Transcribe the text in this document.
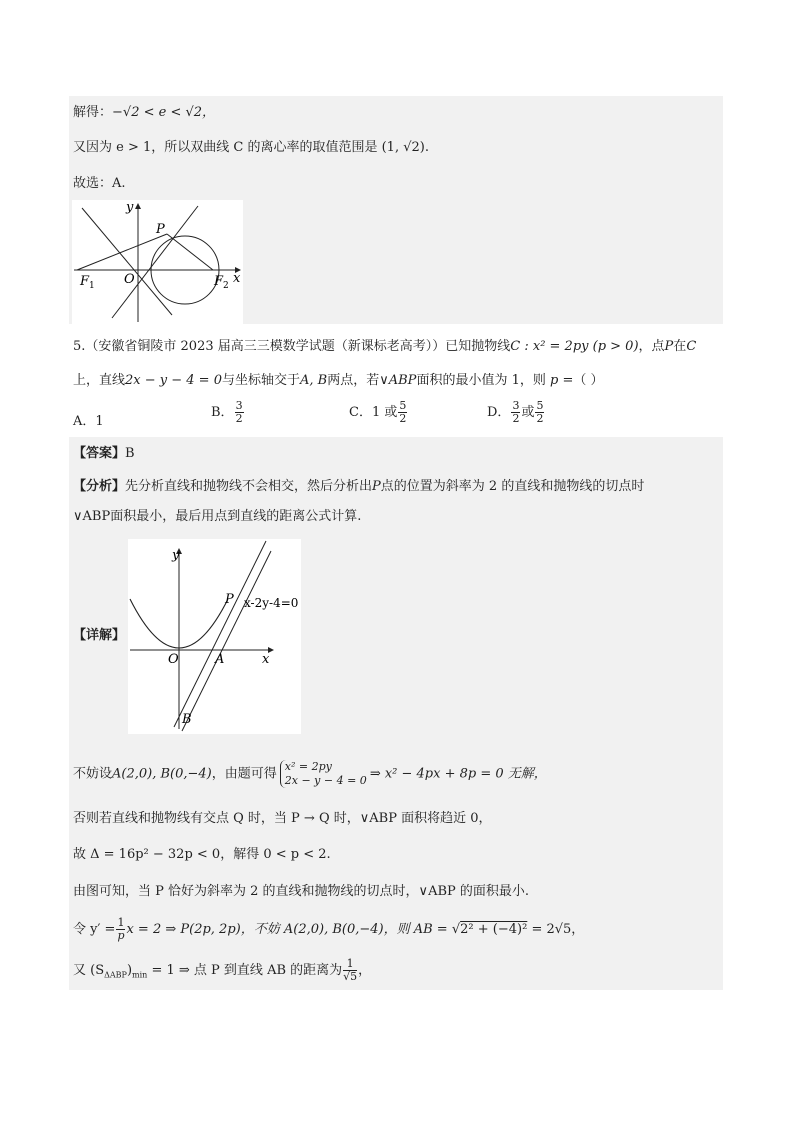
解得：−√2 < e < √2，
又因为 e > 1，所以双曲线 C 的离心率的取值范围是 (1, √2).
故选：A.
y
x
P
O
$F_1$	$F_2$
5.（安徽省铜陵市 2023 届高三三模数学试题（新课标老高考））已知抛物线C : x² = 2py (p > 0)，点P在C
上，直线2x − y − 4 = 0与坐标轴交于A, B两点，若∨ABP面积的最小值为 1，则 p =（ ）
A．1
B． $\frac{3}{2}$	C．1 或 $\frac{5}{2}$	D． $\frac{3}{2}$ 或 $\frac{5}{2}$
【答案】B
【分析】先分析直线和抛物线不会相交，然后分析出P点的位置为斜率为 2 的直线和抛物线的切点时
∨ABP面积最小，最后用点到直线的距离公式计算.
【详解】
y
x
P
O	A
B
x-2y-4=0
不妨设A(2,0), B(0,−4)，由题可得 x² = 2py
2x − y − 4 = 0 ⇒ x² − 4px + 8p = 0 无解，
否则若直线和抛物线有交点 Q 时，当 P → Q 时，∨ABP 面积将趋近 0，
故 Δ = 16p² − 32p < 0，解得 0 < p < 2.
由图可知，当 P 恰好为斜率为 2 的直线和抛物线的切点时，∨ABP 的面积最小.
令 $y' = \frac{1}{p}$ x = 2 ⇒ P(2p, 2p)，不妨 A(2,0), B(0,−4)，则 AB = √2² + (−4)² = 2√5，
又 $(S_{\Delta ABP})_{min} = 1$ ⇒ 点 P 到直线 AB 的距离为 $\frac{1}{√5}$ ，
